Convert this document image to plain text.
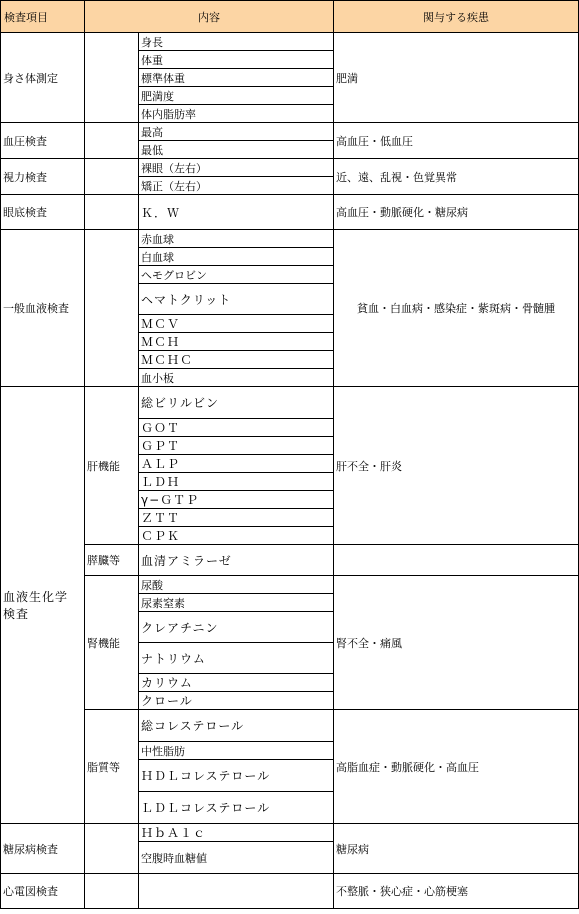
検査項目	内容		関与する疾患
身さ体測定		身長	肥満
		体重	
		標準体重	
		肥満度	
		体内脂肪率	
血圧検査		最高	高血圧・低血圧
		最低	
視力検査		裸眼（左右）	近、遠、乱視・色覚異常
		矯正（左右）	
眼底検査		Ｋ．Ｗ	高血圧・動脈硬化・糖尿病
一般血液検査		赤血球	貧血・白血病・感染症・紫斑病・骨髄腫
		白血球	
		ヘモグロビン	
		ヘマトクリット	
		ＭＣＶ	
		ＭＣＨ	
		ＭＣＨＣ	
		血小板	
血液生化学 検査	肝機能	総ビリルビン	肝不全・肝炎
		ＧＯＴ	
		ＧＰＴ	
		ＡＬＰ	
		ＬＤＨ	
		γ−ＧＴＰ	
		ＺＴＴ	
		ＣＰＫ	
	膵臓等	血清アミラーゼ	
	腎機能	尿酸	腎不全・痛風
		尿素窒素	
		クレアチニン	
		ナトリウム	
		カリウム	
		クロール	
	脂質等	総コレステロール	高脂血症・動脈硬化・高血圧
		中性脂肪	
		ＨＤＬコレステロール	
		ＬＤＬコレステロール	
糖尿病検査		ＨｂＡ１ｃ	糖尿病
		空腹時血糖値	
心電図検査			不整脈・狭心症・心筋梗塞
